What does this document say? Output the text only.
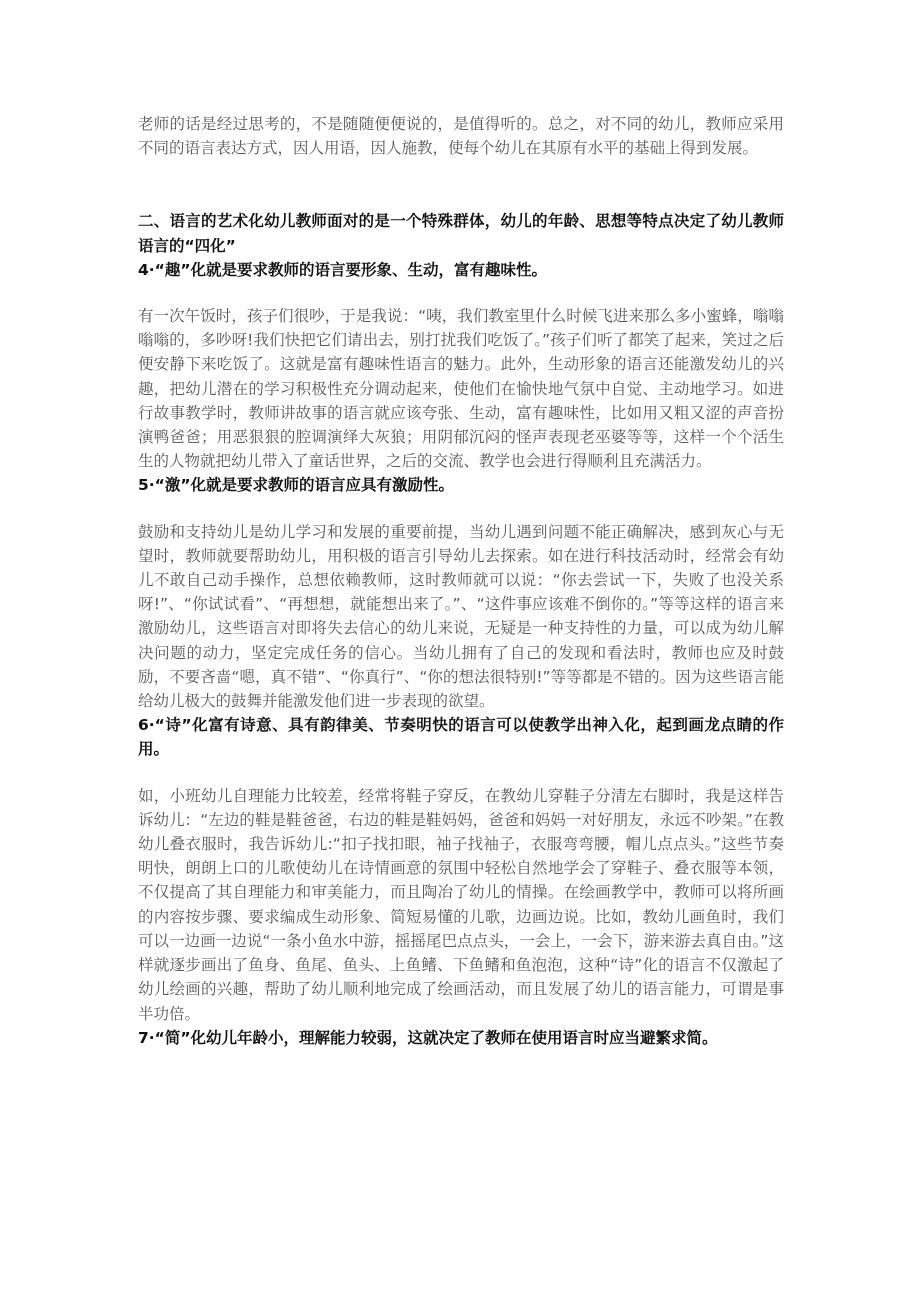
老师的话是经过思考的，不是随随便便说的，是值得听的。总之，对不同的幼儿，教师应采用不同的语言表达方式，因人用语，因人施教，使每个幼儿在其原有水平的基础上得到发展。

二、语言的艺术化幼儿教师面对的是一个特殊群体，幼儿的年龄、思想等特点决定了幼儿教师语言的“四化”

4·“趣”化就是要求教师的语言要形象、生动，富有趣味性。

有一次午饭时，孩子们很吵，于是我说：“咦，我们教室里什么时候飞进来那么多小蜜蜂，嗡嗡嗡嗡的，多吵呀!我们快把它们请出去，别打扰我们吃饭了。”孩子们听了都笑了起来，笑过之后便安静下来吃饭了。这就是富有趣味性语言的魅力。此外，生动形象的语言还能激发幼儿的兴趣，把幼儿潜在的学习积极性充分调动起来，使他们在愉快地气氛中自觉、主动地学习。如进行故事教学时，教师讲故事的语言就应该夸张、生动，富有趣味性，比如用又粗又涩的声音扮演鸭爸爸；用恶狠狠的腔调演绎大灰狼；用阴郁沉闷的怪声表现老巫婆等等，这样一个个活生生的人物就把幼儿带入了童话世界，之后的交流、教学也会进行得顺利且充满活力。

5·“激”化就是要求教师的语言应具有激励性。

鼓励和支持幼儿是幼儿学习和发展的重要前提，当幼儿遇到问题不能正确解决，感到灰心与无望时，教师就要帮助幼儿，用积极的语言引导幼儿去探索。如在进行科技活动时，经常会有幼儿不敢自己动手操作，总想依赖教师，这时教师就可以说：“你去尝试一下，失败了也没关系呀!”、“你试试看”、“再想想，就能想出来了。”、“这件事应该难不倒你的。”等等这样的语言来激励幼儿，这些语言对即将失去信心的幼儿来说，无疑是一种支持性的力量，可以成为幼儿解决问题的动力，坚定完成任务的信心。当幼儿拥有了自己的发现和看法时，教师也应及时鼓励，不要吝啬“嗯，真不错”、“你真行”、“你的想法很特别!”等等都是不错的。因为这些语言能给幼儿极大的鼓舞并能激发他们进一步表现的欲望。

6·“诗”化富有诗意、具有韵律美、节奏明快的语言可以使教学出神入化，起到画龙点睛的作用。

如，小班幼儿自理能力比较差，经常将鞋子穿反，在教幼儿穿鞋子分清左右脚时，我是这样告诉幼儿：“左边的鞋是鞋爸爸，右边的鞋是鞋妈妈，爸爸和妈妈一对好朋友，永远不吵架。”在教幼儿叠衣服时，我告诉幼儿:“扣子找扣眼，袖子找袖子，衣服弯弯腰，帽儿点点头。”这些节奏明快，朗朗上口的儿歌使幼儿在诗情画意的氛围中轻松自然地学会了穿鞋子、叠衣服等本领，不仅提高了其自理能力和审美能力，而且陶冶了幼儿的情操。在绘画教学中，教师可以将所画的内容按步骤、要求编成生动形象、简短易懂的儿歌，边画边说。比如，教幼儿画鱼时，我们可以一边画一边说“一条小鱼水中游，摇摇尾巴点点头，一会上，一会下，游来游去真自由。”这样就逐步画出了鱼身、鱼尾、鱼头、上鱼鳍、下鱼鳍和鱼泡泡，这种“诗”化的语言不仅激起了幼儿绘画的兴趣，帮助了幼儿顺利地完成了绘画活动，而且发展了幼儿的语言能力，可谓是事半功倍。

7·“简”化幼儿年龄小，理解能力较弱，这就决定了教师在使用语言时应当避繁求简。
